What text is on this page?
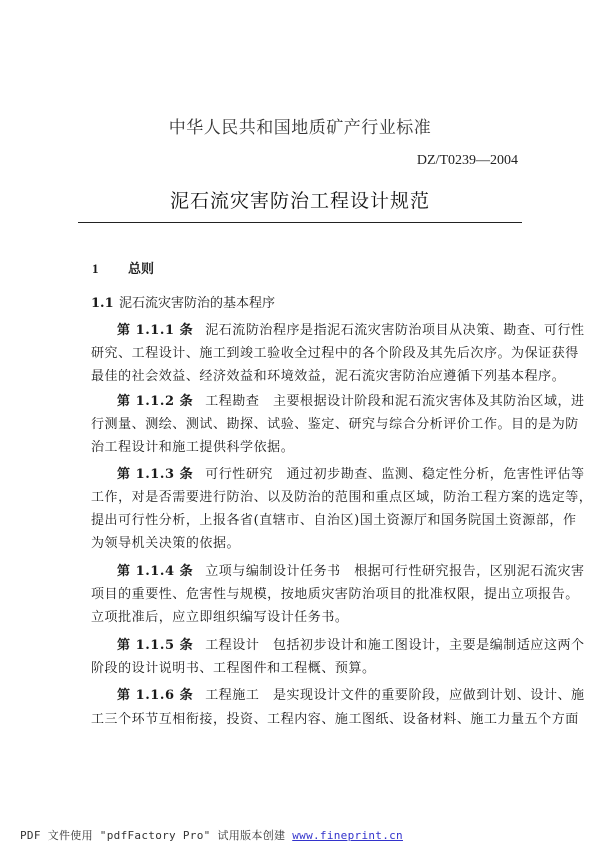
中华人民共和国地质矿产行业标准
DZ/T0239—2004
泥石流灾害防治工程设计规范
1 总则
1.1 泥石流灾害防治的基本程序
第 1.1.1 条 泥石流防治程序是指泥石流灾害防治项目从决策、勘查、可行性
研究、工程设计、施工到竣工验收全过程中的各个阶段及其先后次序。为保证获得
最佳的社会效益、经济效益和环境效益，泥石流灾害防治应遵循下列基本程序。
第 1.1.2 条 工程勘查　主要根据设计阶段和泥石流灾害体及其防治区域，进
行测量、测绘、测试、勘探、试验、鉴定、研究与综合分析评价工作。目的是为防
治工程设计和施工提供科学依据。
第 1.1.3 条 可行性研究　通过初步勘查、监测、稳定性分析，危害性评估等
工作，对是否需要进行防治、以及防治的范围和重点区域，防治工程方案的选定等，
提出可行性分析，上报各省(直辖市、自治区)国土资源厅和国务院国土资源部，作
为领导机关决策的依据。
第 1.1.4 条 立项与编制设计任务书　根据可行性研究报告，区别泥石流灾害
项目的重要性、危害性与规模，按地质灾害防治项目的批准权限，提出立项报告。
立项批准后，应立即组织编写设计任务书。
第 1.1.5 条 工程设计　包括初步设计和施工图设计，主要是编制适应这两个
阶段的设计说明书、工程图件和工程概、预算。
第 1.1.6 条 工程施工　是实现设计文件的重要阶段，应做到计划、设计、施
工三个环节互相衔接，投资、工程内容、施工图纸、设备材料、施工力量五个方面
PDF 文件使用 "pdfFactory Pro" 试用版本创建 www.fineprint.cn
